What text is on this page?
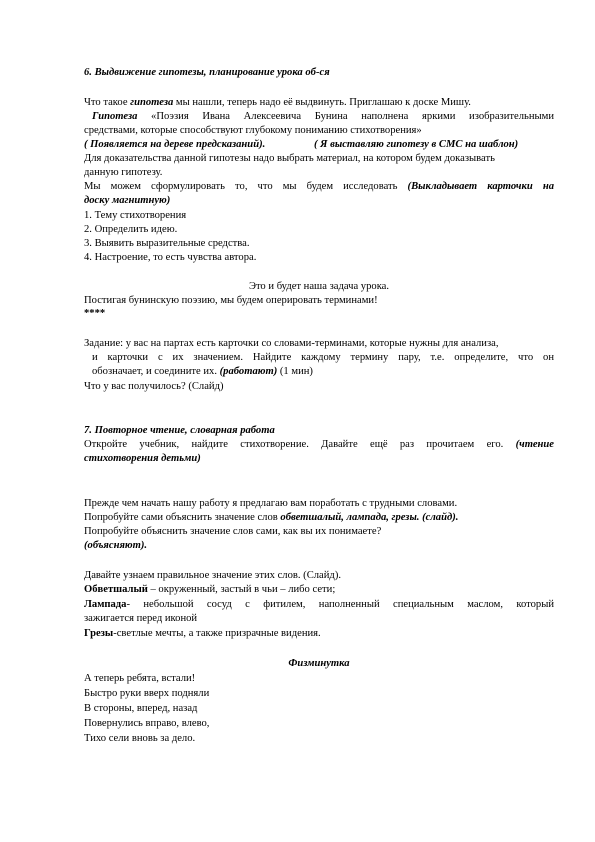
6. Выдвижение гипотезы, планирование урока об-ся
Что такое гипотеза мы нашли, теперь надо её выдвинуть. Приглашаю к доске Мишу.
Гипотеза «Поэзия Ивана Алексеевича Бунина наполнена яркими изобразительными
средствами, которые способствуют глубокому пониманию стихотворения»
( Появляется на дереве предсказаний).	( Я выставляю гипотезу в СМС на шаблон)
Для доказательства данной гипотезы надо выбрать материал, на котором будем доказывать
данную гипотезу.
Мы можем сформулировать то, что мы будем исследовать (Выкладывает карточки на
доску магнитную)
1. Тему стихотворения
2. Определить идею.
3. Выявить выразительные средства.
4. Настроение, то есть чувства автора.
Это и будет наша задача урока.
Постигая бунинскую поэзию, мы будем оперировать терминами!
****
Задание: у вас на партах есть карточки со словами-терминами, которые нужны для анализа,
и карточки с их значением. Найдите каждому термину пару, т.е. определите, что он
обозначает, и соедините их. (работают) (1 мин)
Что у вас получилось? (Слайд)
7. Повторное чтение, словарная работа
Откройте учебник, найдите стихотворение. Давайте ещё раз прочитаем его. (чтение
стихотворения детьми)
Прежде чем начать нашу работу я предлагаю вам поработать с трудными словами.
Попробуйте сами объяснить значение слов обветшалый, лампада, грезы. (слайд).
Попробуйте объяснить значение слов сами, как вы их понимаете?
(объясняют).
Давайте узнаем правильное значение этих слов. (Слайд).
Обветшалый – окруженный, застый в чьи – либо сети;
Лампада- небольшой сосуд с фитилем, наполненный специальным маслом, который
зажигается перед иконой
Грезы-светлые мечты, а также призрачные видения.
Физминутка
А теперь ребята, встали!
Быстро руки вверх подняли
В стороны, вперед, назад
Повернулись вправо, влево,
Тихо сели вновь за дело.
